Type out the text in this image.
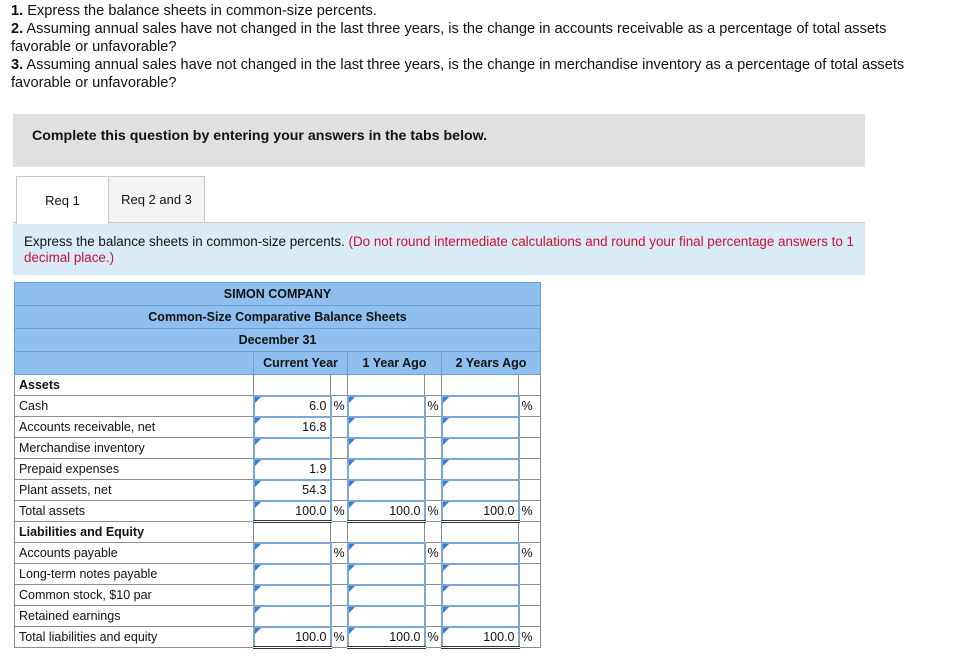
1. Express the balance sheets in common-size percents.

2. Assuming annual sales have not changed in the last three years, is the change in accounts receivable as a percentage of total assets favorable or unfavorable?

3. Assuming annual sales have not changed in the last three years, is the change in merchandise inventory as a percentage of total assets favorable or unfavorable?

Complete this question by entering your answers in the tabs below.
Req 1	Req 2 and 3
Express the balance sheets in common-size percents. (Do not round intermediate calculations and round your final percentage answers to 1 decimal place.)
SIMON COMPANY						
Common-Size Comparative Balance Sheets						
December 31						
	Current Year		1 Year Ago		2 Years Ago	
Assets						
Cash	6.0	%		%		%
Accounts receivable, net	16.8					
Merchandise inventory						
Prepaid expenses	1.9					
Plant assets, net	54.3					
Total assets	100.0	%	100.0	%	100.0	%
Liabilities and Equity						
Accounts payable		%		%		%
Long-term notes payable						
Common stock, $10 par						
Retained earnings						
Total liabilities and equity	100.0	%	100.0	%	100.0	%
